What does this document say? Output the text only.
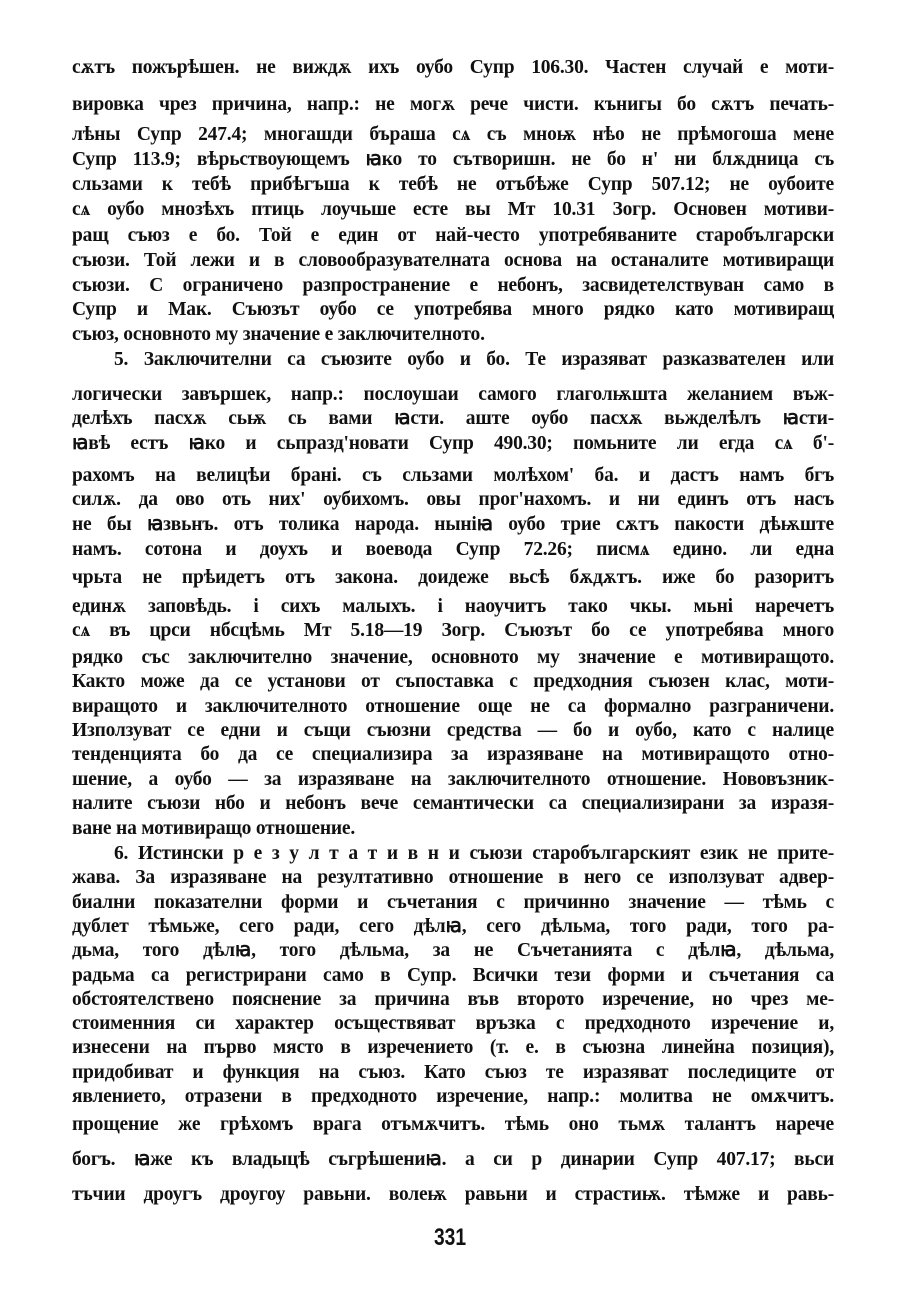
331
сѫтъ пожърѣшен. не виждѫ ихъ оубо Супр 106.30. Частен случай е моти-
вировка чрез причина, напр.: не могѫ рече чисти. кънигы бо сѫтъ печать-
лѣны Супр 247.4; многашди бъраша сѧ съ мноѭ нѣо не прѣмогоша мене
Супр 113.9; вѣрьствоующемъ ꙗко то сътворишн. не бо н' ни блѫдница съ
сльзами к тебѣ прибѣгъша к тебѣ не отъбѣже Супр 507.12; не оубоите
сѧ оубо мнозѣхъ птиць лоучьше есте вы Мт 10.31 Зогр. Основен мотиви-
ращ съюз е бо. Той е един от най-често употребяваните старобългарски
съюзи. Той лежи и в словообразувателната основа на останалите мотивиращи
съюзи. С ограничено разпространение е небонъ, засвидетелствуван само в
Супр и Мак. Съюзът оубо се употребява много рядко като мотивиращ
съюз, основното му значение е заключителното.
5. Заключителни са съюзите оубо и бо. Те изразяват разказвателен или
логически завършек, напр.: послоушаи самого глаголѭшта желанием въж-
делѣхъ пасхѫ сьѭ сь вами ꙗсти. аште оубо пасхѫ вьжделѣлъ ꙗсти-
ꙗвѣ естъ ꙗко и сьпразд'новати Супр 490.30; помьните ли егда сѧ б'-
рахомъ на велицѣи брані. съ сльзами молѣхом' ба. и дастъ намъ бгъ
силѫ. да ово оть них' оубихомъ. овы прог'нахомъ. и ни единъ отъ насъ
не бы ꙗзвьнъ. отъ толика народа. ныніꙗ оубо трие сѫтъ пакости дѣѭште
намъ. сотона и доухъ и воевода Супр 72.26; писмѧ едино. ли една
чрьта не прѣидетъ отъ закона. доидеже вьсѣ бѫдѫтъ. иже бо разоритъ
единѫ заповѣдь. і сихъ малыхъ. і наоучитъ тако чкы. мьні наречетъ
сѧ въ црси нбсцѣмь Мт 5.18—19 Зогр. Съюзът бо се употребява много
рядко със заключително значение, основното му значение е мотивиращото.
Както може да се установи от съпоставка с предходния съюзен клас, моти-
виращото и заключителното отношение още не са формално разграничени.
Използуват се едни и същи съюзни средства — бо и оубо, като с налице
тенденцията бо да се специализира за изразяване на мотивиращото отно-
шение, а оубо — за изразяване на заключителното отношение. Нововъзник-
налите съюзи нбо и небонъ вече семантически са специализирани за изразя-
ване на мотивиращо отношение.
6. Истински р е з у л т а т и в н и съюзи старобългарският език не прите-
жава. За изразяване на резултативно отношение в него се използуват адвер-
биални показателни форми и съчетания с причинно значение — тѣмь с
дублет тѣмьже, сего ради, сего дѣлꙗ, сего дѣльма, того ради, того ра-
дьма, того дѣлꙗ, того дѣльма, за не Съчетанията с дѣлꙗ, дѣльма,
радьма са регистрирани само в Супр. Всички тези форми и съчетания са
обстоятелствено пояснение за причина във второто изречение, но чрез ме-
стоименния си характер осъществяват връзка с предходното изречение и,
изнесени на първо място в изречението (т. е. в съюзна линейна позиция),
придобиват и функция на съюз. Като съюз те изразяват последиците от
явлението, отразени в предходното изречение, напр.: молитва не омѫчитъ.
прощение же грѣхомъ врага отъмѫчитъ. тѣмь оно тьмѫ талантъ нарече
богъ. ꙗже къ владыцѣ съгрѣшениꙗ. а си р динарии Супр 407.17; вьси
тъчии дроугъ дроугоу равьни. волеѭ равьни и страстиѭ. тѣмже и равь-
